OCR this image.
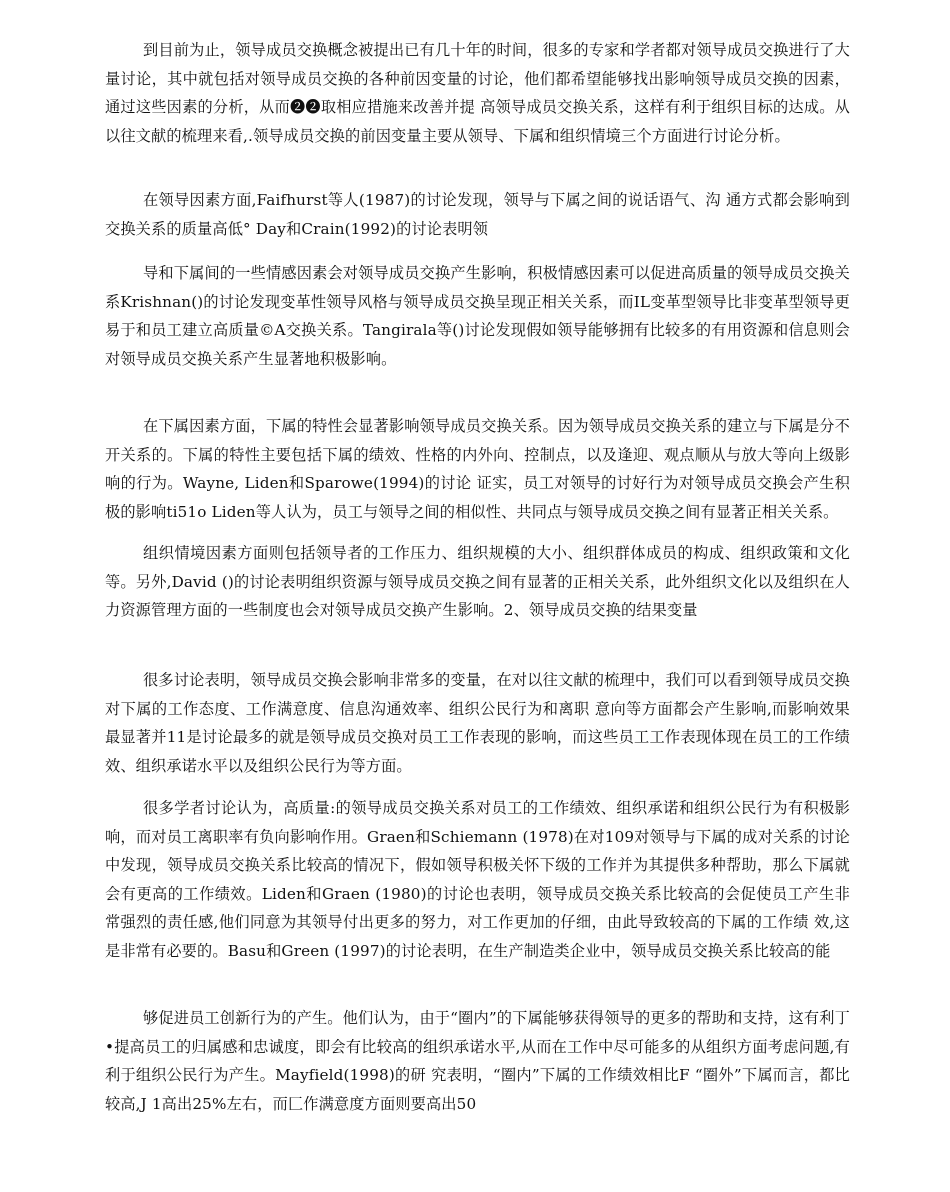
到目前为止，领导成员交换概念被提出已有几十年的时间，很多的专家和学者都对领导成员交换进行了大量讨论，其中就包括对领导成员交换的各种前因变量的讨论，他们都希望能够找出影响领导成员交换的因素，通过这些因素的分析，从而❷❷取相应措施来改善并提 高领导成员交换关系，这样有利于组织目标的达成。从以往文献的梳理来看,.领导成员交换的前因变量主要从领导、下属和组织情境三个方面进行讨论分析。

在领导因素方面,Faifhurst等人(1987)的讨论发现，领导与下属之间的说话语气、沟 通方式都会影响到交换关系的质量高低° Day和Crain(1992)的讨论表明领

导和下属间的一些情感因素会对领导成员交换产生影响，积极情感因素可以促进高质量的领导成员交换关系Krishnan()的讨论发现变革性领导风格与领导成员交换呈现正相关关系，而IL变革型领导比非变革型领导更易于和员工建立高质量©A交换关系。Tangirala等()讨论发现假如领导能够拥有比较多的有用资源和信息则会对领导成员交换关系产生显著地积极影响。

在下属因素方面，下属的特性会显著影响领导成员交换关系。因为领导成员交换关系的建立与下属是分不开关系的。下属的特性主要包括下属的绩效、性格的内外向、控制点，以及逢迎、观点顺从与放大等向上级影响的行为。Wayne, Liden和Sparowe(1994)的讨论 证实，员工对领导的讨好行为对领导成员交换会产生积极的影响ti51o Liden等人认为，员工与领导之间的相似性、共同点与领导成员交换之间有显著正相关关系。

组织情境因素方面则包括领导者的工作压力、组织规模的大小、组织群体成员的构成、组织政策和文化等。另外,David ()的讨论表明组织资源与领导成员交换之间有显著的正相关关系，此外组织文化以及组织在人力资源管理方面的一些制度也会对领导成员交换产生影响。2、领导成员交换的结果变量

很多讨论表明，领导成员交换会影响非常多的变量，在对以往文献的梳理中，我们可以看到领导成员交换对下属的工作态度、工作满意度、信息沟通效率、组织公民行为和离职 意向等方面都会产生影响,而影响效果最显著并11是讨论最多的就是领导成员交换对员工工作表现的影响，而这些员工工作表现体现在员工的工作绩效、组织承诺水平以及组织公民行为等方面。

很多学者讨论认为，高质量:的领导成员交换关系对员工的工作绩效、组织承诺和组织公民行为有积极影响，而对员工离职率有负向影响作用。Graen和Schiemann (1978)在对109对领导与下属的成对关系的讨论中发现，领导成员交换关系比较高的情况下，假如领导积极关怀下级的工作并为其提供多种帮助，那么下属就会有更高的工作绩效。Liden和Graen (1980)的讨论也表明，领导成员交换关系比较高的会促使员工产生非常强烈的责任感,他们同意为其领导付出更多的努力，对工作更加的仔细，由此导致较高的下属的工作绩 效,这是非常有必要的。Basu和Green (1997)的讨论表明，在生产制造类企业中，领导成员交换关系比较高的能

够促进员工创新行为的产生。他们认为，由于“圈内”的下属能够获得领导的更多的帮助和支持，这有利丁•提高员工的归属感和忠诚度，即会有比较高的组织承诺水平,从而在工作中尽可能多的从组织方面考虑问题,有利于组织公民行为产生。Mayfield(1998)的研 究表明，“圈内”下属的工作绩效相比F “圈外”下属而言，都比较高,J 1高出25%左右，而匚作满意度方面则要高出50
